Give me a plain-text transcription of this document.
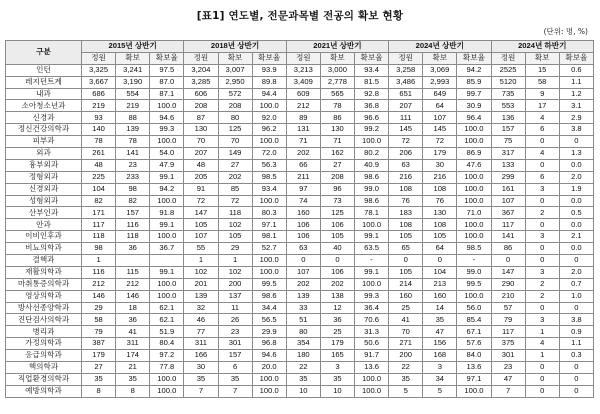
[표1] 연도별, 전문과목별 전공의 확보 현황
(단위: 명, %)
구분	2015년 상반기			2018년 상반기			2021년 상반기			2024년 상반기			2024년 하반기		
	정원	확보	확보율	정원	확보	확보율	정원	확보	확보율	정원	확보	확보율	정원	확보	확보율
인턴	3,325	3,241	97.5	3,204	3,007	93.9	3,213	3,000	93.4	3,258	3,069	94.2	2525	15	0.6
레지던트계	3,667	3,190	87.0	3,285	2,950	89.8	3,409	2,778	81.5	3,486	2,993	85.9	5120	58	1.1
내과	686	554	87.1	606	572	94.4	609	565	92.8	651	649	99.7	735	9	1.2
소아청소년과	219	219	100.0	208	208	100.0	212	78	36.8	207	64	30.9	553	17	3.1
신경과	93	88	94.6	87	80	92.0	89	86	96.6	111	107	96.4	136	4	2.9
정신건강의학과	140	139	99.3	130	125	96.2	131	130	99.2	145	145	100.0	157	6	3.8
피부과	78	78	100.0	70	70	100.0	71	71	100.0	72	72	100.0	75	0	0
외과	261	141	54.0	207	149	72.0	202	162	80.2	206	179	86.9	317	4	1.3
흉부외과	48	23	47.9	48	27	56.3	66	27	40.9	63	30	47.6	133	0	0.0
정형외과	225	233	99.1	205	202	98.5	211	208	98.6	216	216	100.0	299	6	2.0
신경외과	104	98	94.2	91	85	93.4	97	96	99.0	108	108	100.0	161	3	1.9
성형외과	82	82	100.0	72	72	100.0	74	73	98.6	76	76	100.0	107	0	0.0
산부인과	171	157	91.8	147	118	80.3	160	125	78.1	183	130	71.0	367	2	0.5
안과	117	116	99.1	105	102	97.1	106	106	100.0	108	108	100.0	117	0	0.0
이비인후과	118	118	100.0	107	105	98.1	106	105	99.1	105	105	100.0	141	3	2.1
비뇨의학과	98	36	36.7	55	29	52.7	63	40	63.5	65	64	98.5	86	0	0.0
결핵과	1			1	1	100.0	0	0	-	0	0	-	0	0	0
재활의학과	116	115	99.1	102	102	100.0	107	106	99.1	105	104	99.0	147	3	2.0
마취통증의학과	212	212	100.0	201	200	99.5	202	202	100.0	214	213	99.5	290	2	0.7
영상의학과	146	146	100.0	139	137	98.6	139	138	99.3	160	160	100.0	210	2	1.0
방사선종양학과	29	18	62.1	32	11	34.4	33	12	36.4	25	14	56.0	57	0	0
진단검사의학과	58	36	62.1	46	26	56.5	51	36	70.6	41	35	85.4	79	3	3.8
병리과	79	41	51.9	77	23	29.9	80	25	31.3	70	47	67.1	117	1	0.9
가정의학과	387	311	80.4	311	301	96.8	354	179	50.6	271	156	57.6	375	4	1.1
응급의학과	179	174	97.2	166	157	94.6	180	165	91.7	200	168	84.0	301	1	0.3
핵의학과	27	21	77.8	30	6	20.0	22	3	13.6	22	3	13.6	23	0	0
직업환경의학과	35	35	100.0	35	35	100.0	35	35	100.0	35	34	97.1	47	0	0
예방의학과	8	8	100.0	7	7	100.0	10	10	100.0	5	5	100.0	7	0	0
